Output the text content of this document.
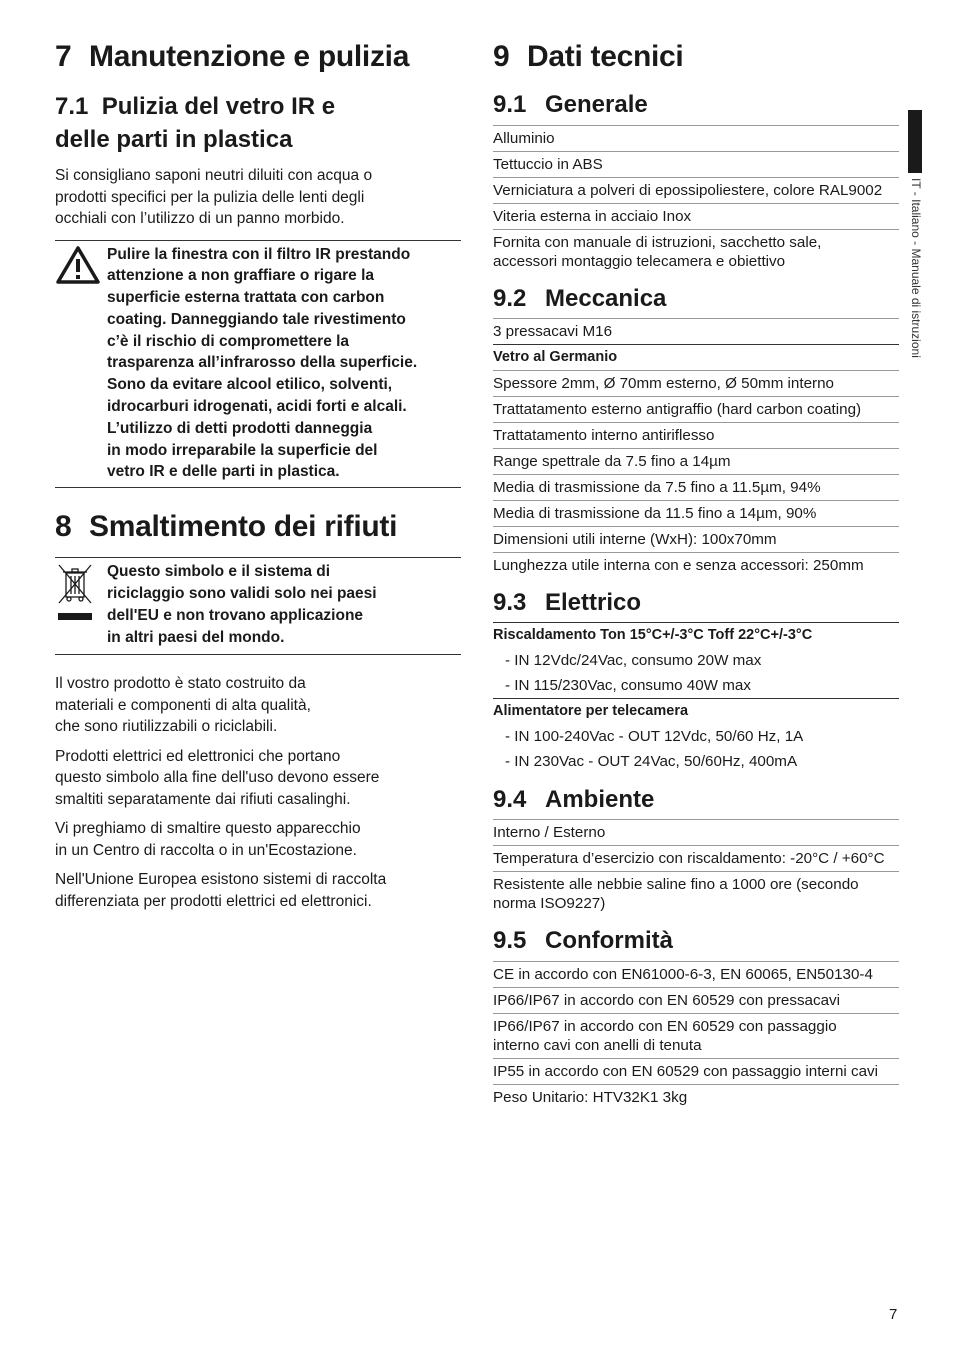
7 Manutenzione e pulizia
7.1 Pulizia del vetro IR e
delle parti in plastica

Si consigliano saponi neutri diluiti con acqua o
prodotti specifici per la pulizia delle lenti degli
occhiali con l’utilizzo di un panno morbido.

Pulire la finestra con il filtro IR prestando
attenzione a non graffiare o rigare la
superficie esterna trattata con carbon
coating. Danneggiando tale rivestimento
c’è il rischio di compromettere la
trasparenza all’infrarosso della superficie.
Sono da evitare alcool etilico, solventi,
idrocarburi idrogenati, acidi forti e alcali.
L’utilizzo di detti prodotti danneggia
in modo irreparabile la superficie del
vetro IR e delle parti in plastica.
8 Smaltimento dei rifiuti
Questo simbolo e il sistema di
riciclaggio sono validi solo nei paesi
dell'EU e non trovano applicazione
in altri paesi del mondo.

Il vostro prodotto è stato costruito da
materiali e componenti di alta qualità,
che sono riutilizzabili o riciclabili.

Prodotti elettrici ed elettronici che portano
questo simbolo alla fine dell'uso devono essere
smaltiti separatamente dai rifiuti casalinghi.

Vi preghiamo di smaltire questo apparecchio
in un Centro di raccolta o in un'Ecostazione.

Nell'Unione Europea esistono sistemi di raccolta
differenziata per prodotti elettrici ed elettronici.

9 Dati tecnici
9.1 Generale
Alluminio
Tettuccio in ABS
Verniciatura a polveri di epossipoliestere, colore RAL9002
Viteria esterna in acciaio Inox
Fornita con manuale di istruzioni, sacchetto sale,
accessori montaggio telecamera e obiettivo
9.2 Meccanica
3 pressacavi M16
Vetro al Germanio
Spessore 2mm, Ø 70mm esterno, Ø 50mm interno
Trattatamento esterno antigraffio (hard carbon coating)
Trattatamento interno antiriflesso
Range spettrale da 7.5 fino a 14µm
Media di trasmissione da 7.5 fino a 11.5µm, 94%
Media di trasmissione da 11.5 fino a 14µm, 90%
Dimensioni utili interne (WxH): 100x70mm
Lunghezza utile interna con e senza accessori: 250mm
9.3 Elettrico
Riscaldamento Ton 15°C+/-3°C Toff 22°C+/-3°C
- IN 12Vdc/24Vac, consumo 20W max
- IN 115/230Vac, consumo 40W max
Alimentatore per telecamera
- IN 100-240Vac - OUT 12Vdc, 50/60 Hz, 1A
- IN 230Vac - OUT 24Vac, 50/60Hz, 400mA
9.4 Ambiente
Interno / Esterno
Temperatura d’esercizio con riscaldamento: -20°C / +60°C
Resistente alle nebbie saline fino a 1000 ore (secondo
norma ISO9227)
9.5 Conformità
CE in accordo con EN61000-6-3, EN 60065, EN50130-4
IP66/IP67 in accordo con EN 60529 con pressacavi
IP66/IP67 in accordo con EN 60529 con passaggio
interno cavi con anelli di tenuta
IP55 in accordo con EN 60529 con passaggio interni cavi
Peso Unitario: HTV32K1 3kg
IT - Italiano - Manuale di istruzioni
7
